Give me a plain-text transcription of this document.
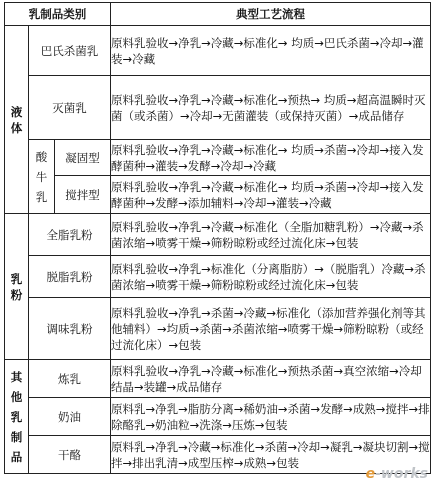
乳制品类别			典型工艺流程
液体	巴氏杀菌乳		原料乳验收→净乳→冷藏→标准化→ 均质→巴氏杀菌→冷却→灌装→冷藏
	灭菌乳		原料乳验收→净乳→冷藏→标准化→预热→ 均质→超高温瞬时灭菌（或杀菌）→冷却→无菌灌装（或保持灭菌）→成品储存
	酸牛乳	凝固型	原料乳验收→净乳→冷藏→标准化→ 均质→杀菌→冷却→接入发酵菌种→灌装→发酵→冷却→冷藏
		搅拌型	原料乳验收→净乳→冷藏→标准化→ 均质→杀菌→冷却→接入发酵菌种→发酵→添加辅料→冷却→灌装→冷藏
乳粉	全脂乳粉		原料乳验收→净乳→冷藏→标准化（全脂加糖乳粉）→冷藏→杀菌浓缩→喷雾干燥→筛粉晾粉或经过流化床→包装
	脱脂乳粉		原料乳验收→净乳→标准化（分离脂肪）→（脱脂乳）冷藏→杀菌浓缩→喷雾干燥→筛粉晾粉或经过流化床→包装
	调味乳粉		原料乳验收→净乳→杀菌→冷藏→标准化（添加营养强化剂等其他辅料）→均质→杀菌→杀菌浓缩→喷雾干燥→筛粉晾粉（或经过流化床）→包装
其他乳制品	炼乳		原料乳验收→净乳→冷藏→标准化→预热杀菌→真空浓缩→冷却结晶→装罐→成品储存
	奶油		原料乳→净乳→脂肪分离→稀奶油→杀菌→发酵→成熟→搅拌→排除酪乳→奶油粒→洗涤→压炼→包装
	干酪		原料乳→净乳→冷藏→标准化→杀菌→冷却→凝乳→凝块切割→搅拌→排出乳清→成型压榨→成熟→包装
e-works
